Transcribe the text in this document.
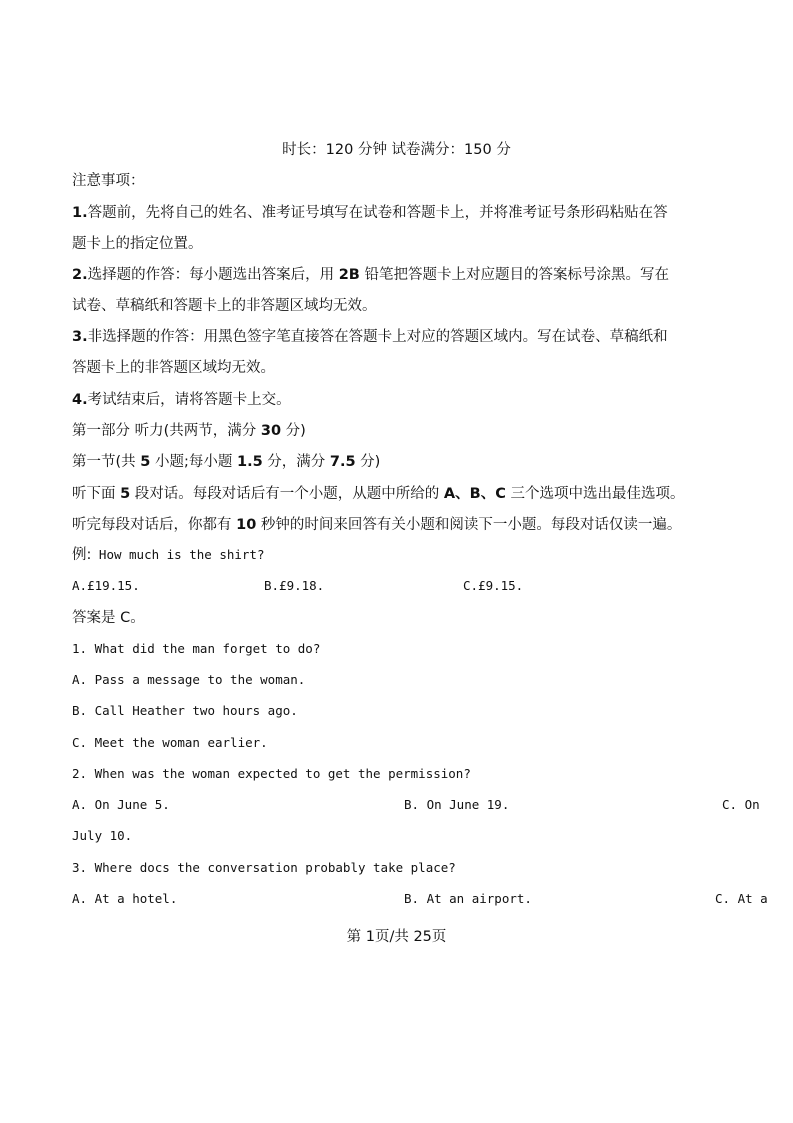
时长：120 分钟 试卷满分：150 分
注意事项：
1.答题前，先将自己的姓名、准考证号填写在试卷和答题卡上，并将准考证号条形码粘贴在答
题卡上的指定位置。
2.选择题的作答：每小题选出答案后，用 2B 铅笔把答题卡上对应题目的答案标号涂黑。写在
试卷、草稿纸和答题卡上的非答题区域均无效。
3.非选择题的作答：用黑色签字笔直接答在答题卡上对应的答题区域内。写在试卷、草稿纸和
答题卡上的非答题区域均无效。
4.考试结束后，请将答题卡上交。
第一部分 听力(共两节，满分 30 分)
第一节(共 5 小题;每小题 1.5 分，满分 7.5 分)
听下面 5 段对话。每段对话后有一个小题，从题中所给的 A、B、C 三个选项中选出最佳选项。
听完每段对话后，你都有 10 秒钟的时间来回答有关小题和阅读下一小题。每段对话仅读一遍。
例: How much is the shirt?
A.£19.15.	B.£9.18.	C.£9.15.
答案是 C。
1. What did the man forget to do?
A. Pass a message to the woman.
B. Call Heather two hours ago.
C. Meet the woman earlier.
2. When was the woman expected to get the permission?
A. On June 5.	B. On June 19.	C. On
July 10.
3. Where docs the conversation probably take place?
A. At a hotel.	B. At an airport.	C. At a
第 1页/共 25页
